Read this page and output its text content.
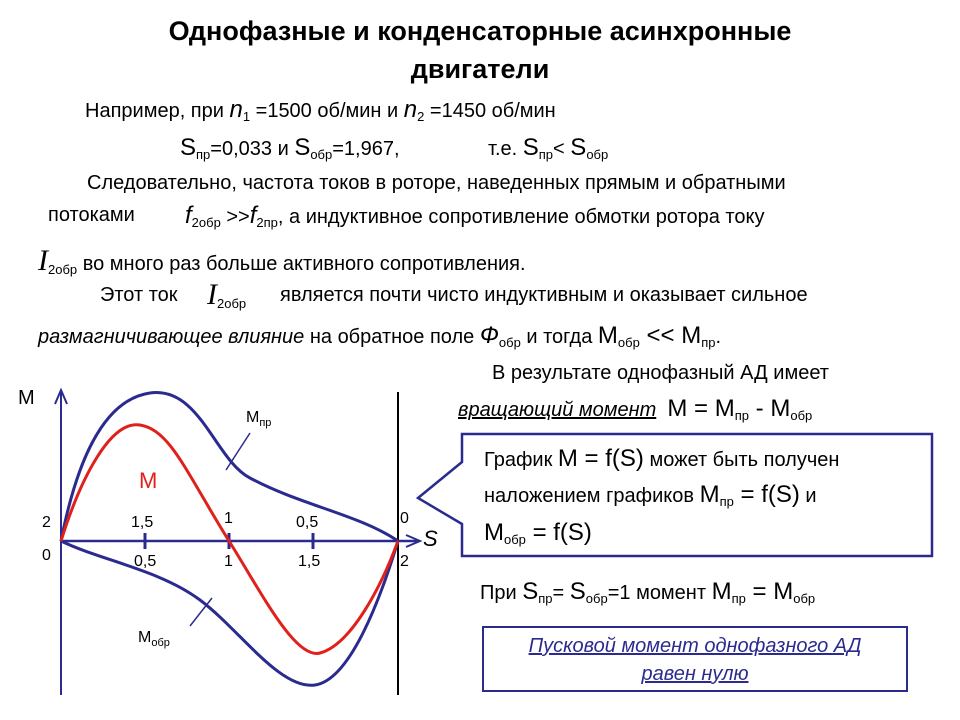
Однофазные и конденсаторные асинхронные
двигатели
Например, при $n_1 =1500$ об/мин и $n_2 =1450$ об/мин
$S_{пр}=0,033$ и $S_{обр}=1,967$,	т.е. $S_{пр}< S_{обр}$
Следовательно, частота токов в роторе, наведенных прямым и обратными
потоками $f_{2обр} >>f_{2пр}$, а индуктивное сопротивление обмотки ротора току
$I_{2обр}$ во много раз больше активного сопротивления.
Этот ток $I_{2обр}$ является почти чисто индуктивным и оказывает сильное
размагничивающее влияние на обратное поле $Ф_{обр}$ и тогда $M_{обр} << M_{пр}$.
В результате однофазный АД имеет
вращающий момент $M = M_{пр} - M_{обр}$
График M = f(S) может быть получен
наложением графиков $M_{пр} = f(S)$ и
$M_{обр} = f(S)$
При $S_{пр}= S_{обр}=1$ момент $M_{пр} = M_{обр}$
Пусковой момент однофазного АД
равен нулю
M
S
$M_{пр}$
$M_{обр}$
M
2	1,5	1	0,5	0
0	0,5	1	1,5	2
